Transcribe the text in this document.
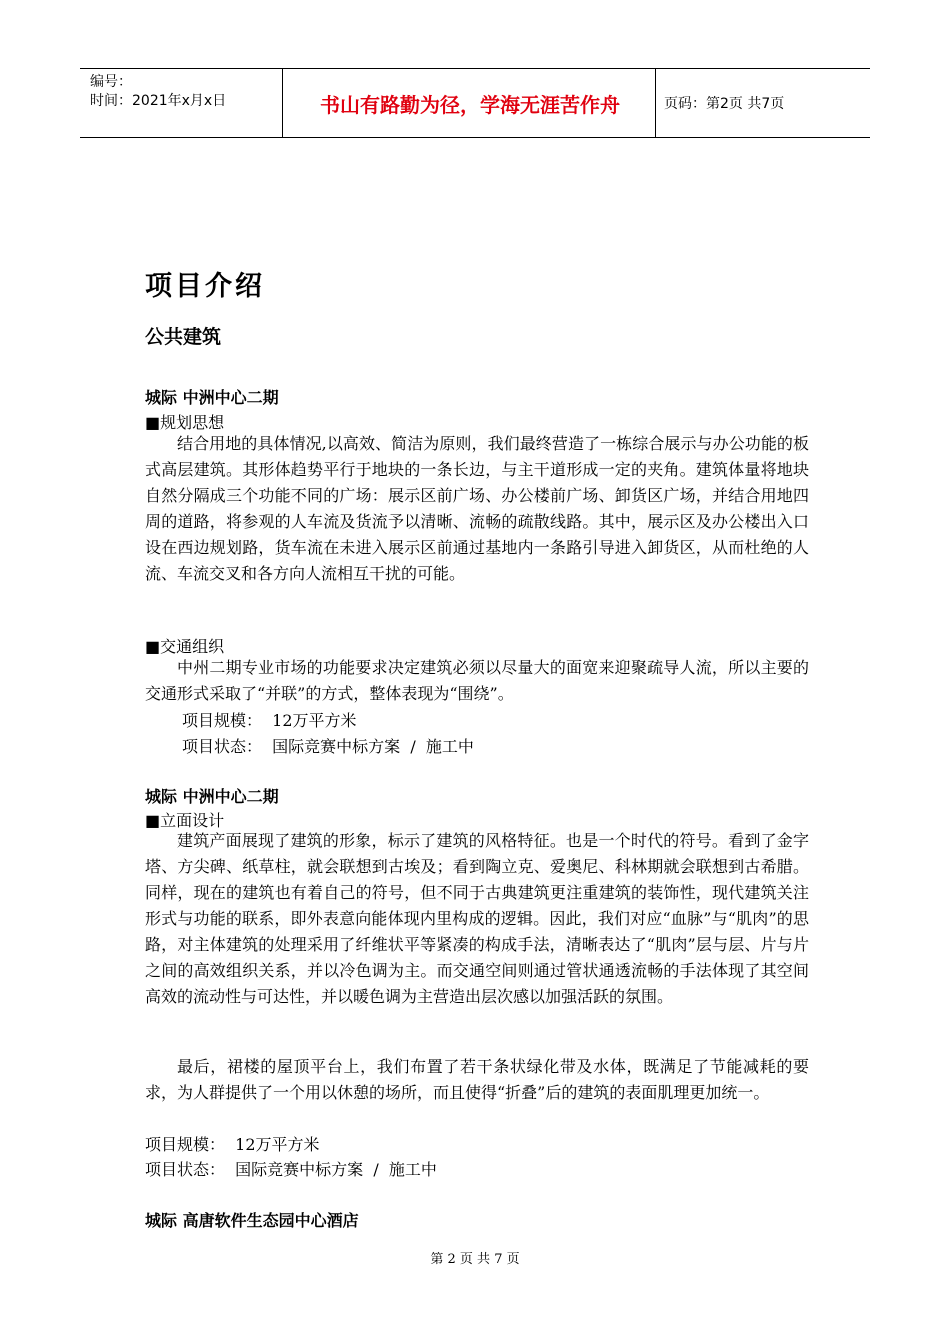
编号：
时间：2021年x月x日	书山有路勤为径，学海无涯苦作舟	页码：第2页 共7页
项目介绍
公共建筑
城际 中洲中心二期
■规划思想
结合用地的具体情况,以高效、简洁为原则，我们最终营造了一栋综合展示与办公功能的板式高层建筑。其形体趋势平行于地块的一条长边，与主干道形成一定的夹角。建筑体量将地块自然分隔成三个功能不同的广场：展示区前广场、办公楼前广场、卸货区广场，并结合用地四周的道路，将参观的人车流及货流予以清晰、流畅的疏散线路。其中，展示区及办公楼出入口设在西边规划路，货车流在未进入展示区前通过基地内一条路引导进入卸货区，从而杜绝的人流、车流交叉和各方向人流相互干扰的可能。
■交通组织
中州二期专业市场的功能要求决定建筑必须以尽量大的面宽来迎聚疏导人流，所以主要的交通形式采取了“并联”的方式，整体表现为“围绕”。
项目规模：  12万平方米
项目状态：  国际竞赛中标方案  /  施工中
城际 中洲中心二期
■立面设计
建筑产面展现了建筑的形象，标示了建筑的风格特征。也是一个时代的符号。看到了金字塔、方尖碑、纸草柱，就会联想到古埃及；看到陶立克、爱奥尼、科林期就会联想到古希腊。同样，现在的建筑也有着自己的符号，但不同于古典建筑更注重建筑的装饰性，现代建筑关注形式与功能的联系，即外表意向能体现内里构成的逻辑。因此，我们对应“血脉”与“肌肉”的思路，对主体建筑的处理采用了纤维状平等紧凑的构成手法，清晰表达了“肌肉”层与层、片与片之间的高效组织关系，并以冷色调为主。而交通空间则通过管状通透流畅的手法体现了其空间高效的流动性与可达性，并以暖色调为主营造出层次感以加强活跃的氛围。
最后，裙楼的屋顶平台上，我们布置了若干条状绿化带及水体，既满足了节能减耗的要求，为人群提供了一个用以休憩的场所，而且使得“折叠”后的建筑的表面肌理更加统一。
项目规模：  12万平方米
项目状态：  国际竞赛中标方案  /  施工中
城际 高唐软件生态园中心酒店
第 2 页 共 7 页
